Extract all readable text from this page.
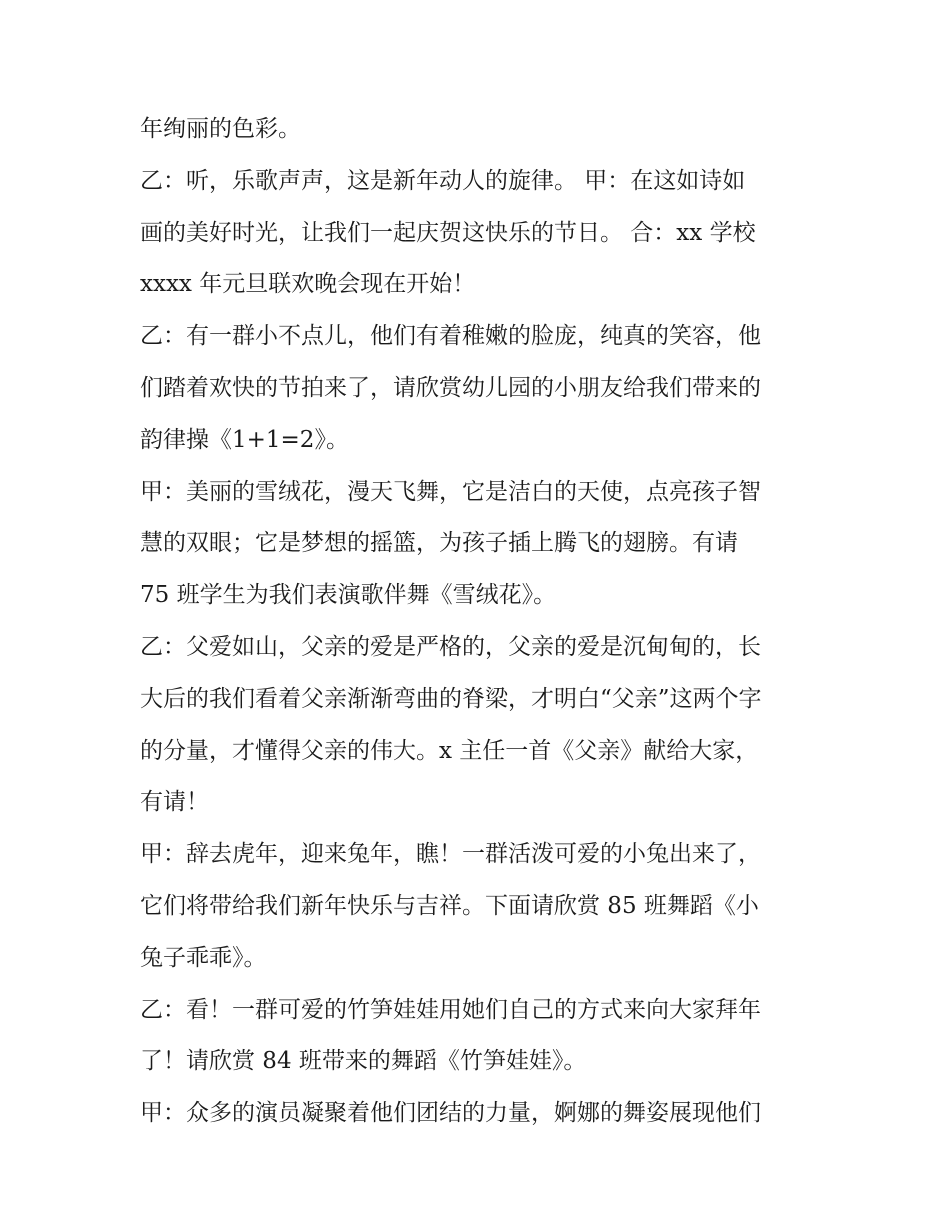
年绚丽的色彩。
乙：听，乐歌声声，这是新年动人的旋律。 甲：在这如诗如
画的美好时光，让我们一起庆贺这快乐的节日。 合：xx 学校
xxxx 年元旦联欢晚会现在开始！
乙：有一群小不点儿，他们有着稚嫩的脸庞，纯真的笑容，他
们踏着欢快的节拍来了，请欣赏幼儿园的小朋友给我们带来的
韵律操《1+1=2》。
甲：美丽的雪绒花，漫天飞舞，它是洁白的天使，点亮孩子智
慧的双眼；它是梦想的摇篮，为孩子插上腾飞的翅膀。有请
75 班学生为我们表演歌伴舞《雪绒花》。
乙：父爱如山，父亲的爱是严格的，父亲的爱是沉甸甸的，长
大后的我们看着父亲渐渐弯曲的脊梁，才明白“父亲”这两个字
的分量，才懂得父亲的伟大。x 主任一首《父亲》献给大家，
有请！
甲：辞去虎年，迎来兔年，瞧！一群活泼可爱的小兔出来了，
它们将带给我们新年快乐与吉祥。下面请欣赏 85 班舞蹈《小
兔子乖乖》。
乙：看！一群可爱的竹笋娃娃用她们自己的方式来向大家拜年
了！请欣赏 84 班带来的舞蹈《竹笋娃娃》。
甲：众多的演员凝聚着他们团结的力量，婀娜的舞姿展现他们
